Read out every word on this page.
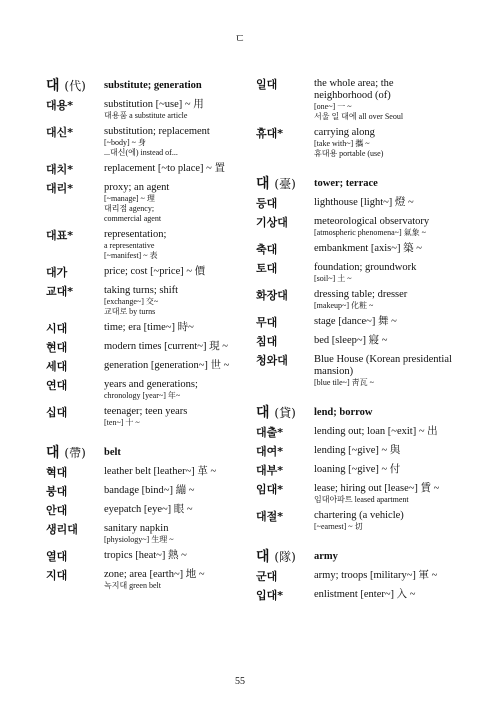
ㄷ
대 (代)	substitute; generation
대용*	substitution [~use] ~ 用
대용품 a substitute article
대신*	substitution; replacement
[~body] ~ 身
...대신(에) instead of...
대치*	replacement [~to place] ~ 置
대리*	proxy; an agent
[~manage] ~ 理
대리점 agency;
commercial agent
대표*	representation;
a representative
[~manifest] ~ 表
대가	price; cost [~price] ~ 價
교대*	taking turns; shift
[exchange~] 交~
교대로 by turns
시대	time; era [time~] 時~
현대	modern times [current~] 現 ~
세대	generation [generation~] 世 ~
연대	years and generations;
chronology [year~] 年~
십대	teenager; teen years
[ten~] 十 ~
대 (帶)	belt
혁대	leather belt [leather~] 革 ~
붕대	bandage [bind~] 繃 ~
안대	eyepatch [eye~] 眼 ~
생리대	sanitary napkin
[physiology~] 生理 ~
열대	tropics [heat~] 熱 ~
지대	zone; area [earth~] 地 ~
녹지대 green belt
일대	the whole area; the neighborhood (of)
[one~] 一 ~
서울 일 대에 all over Seoul
휴대*	carrying along
[take with~] 攜 ~
휴대용 portable (use)
대 (臺)	tower; terrace
등대	lighthouse [light~] 燈 ~
기상대	meteorological observatory
[atmospheric phenomena~] 氣象 ~
축대	embankment [axis~] 築 ~
토대	foundation; groundwork
[soil~] 土 ~
화장대	dressing table; dresser
[makeup~] 化粧 ~
무대	stage [dance~] 舞 ~
침대	bed [sleep~] 寢 ~
청와대	Blue House (Korean presidential mansion)
[blue tile~] 靑瓦 ~
대 (貸)	lend; borrow
대출*	lending out; loan [~exit] ~ 出
대여*	lending [~give] ~ 與
대부*	loaning [~give] ~ 付
임대*	lease; hiring out [lease~] 賃 ~
임대아파트 leased apartment
대절*	chartering (a vehicle)
[~earnest] ~ 切
대 (隊)	army
군대	army; troops [military~] 軍 ~
입대*	enlistment [enter~] 入 ~
55
